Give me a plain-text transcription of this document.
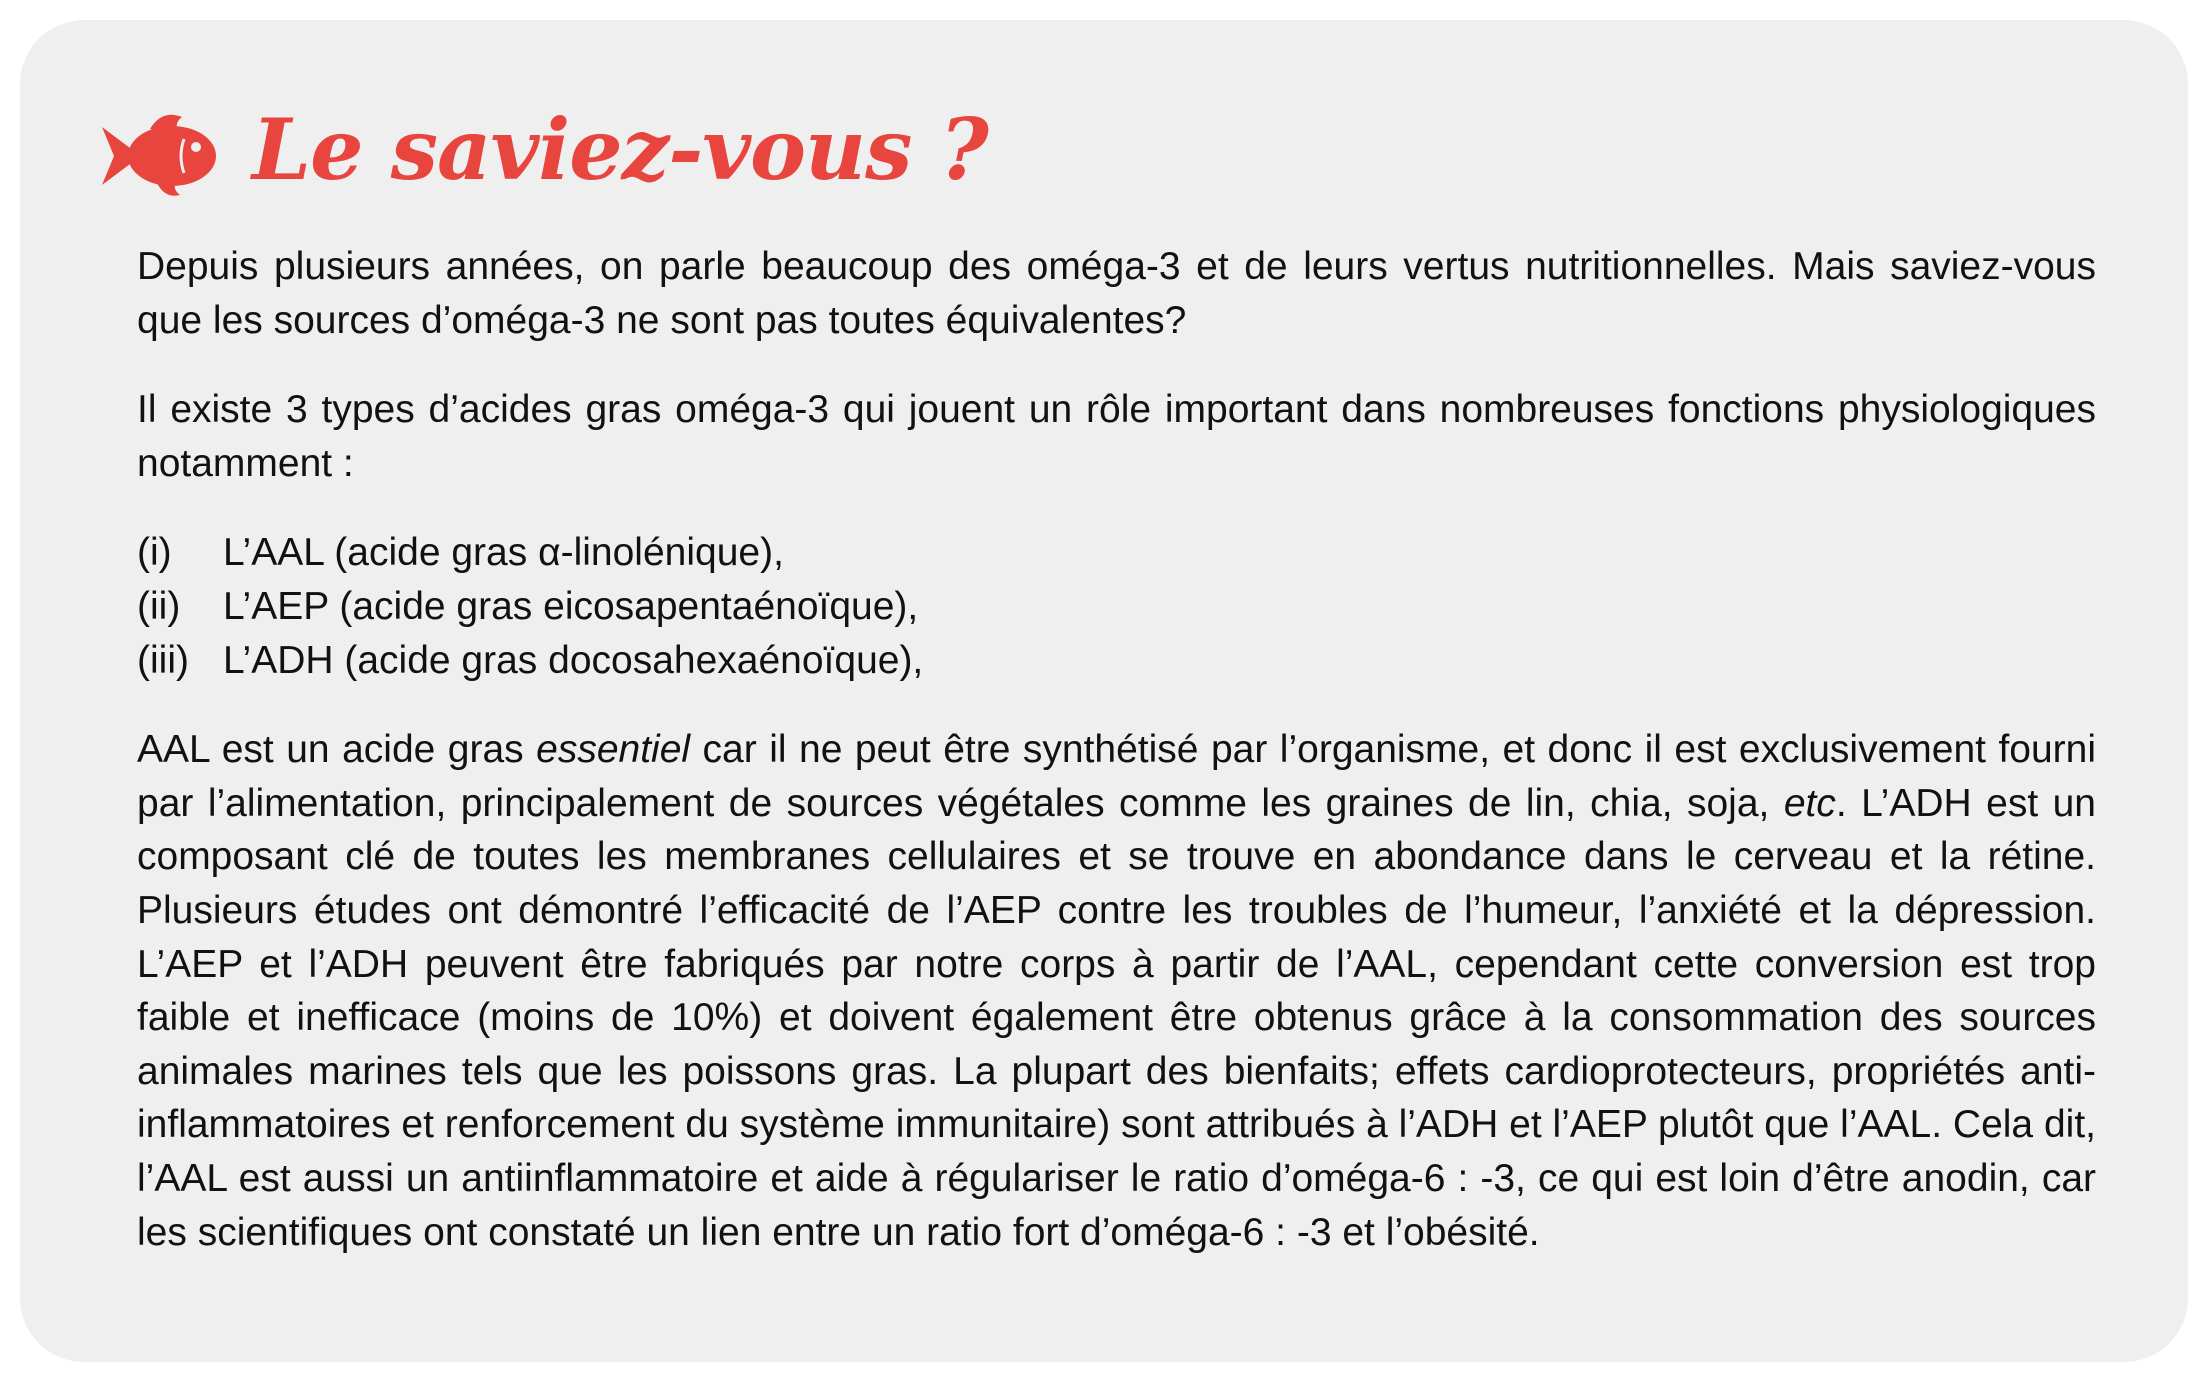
Le saviez-vous ?

Depuis plusieurs années, on parle beaucoup des oméga-3 et de leurs vertus nutritionnelles. Mais saviez-vous que les sources d’oméga-3 ne sont pas toutes équivalentes?

Il existe 3 types d’acides gras oméga-3 qui jouent un rôle important dans nombreuses fonctions physiologiques notamment :

(i)	L’AAL (acide gras α-linolénique),
(ii)	L’AEP (acide gras eicosapentaénoïque),
(iii) L’ADH (acide gras docosahexaénoïque),

AAL est un acide gras essentiel car il ne peut être synthétisé par l’organisme, et donc il est exclusivement fourni par l’alimentation, principalement de sources végétales comme les graines de lin, chia, soja, etc. L’ADH est un composant clé de toutes les membranes cellulaires et se trouve en abondance dans le cerveau et la rétine. Plusieurs études ont démontré l’efficacité de l’AEP contre les troubles de l’humeur, l’anxiété et la dépression. L’AEP et l’ADH peuvent être fabriqués par notre corps à partir de l’AAL, cependant cette conversion est trop faible et inefficace (moins de 10%) et doivent également être obtenus grâce à la consommation des sources animales marines tels que les poissons gras. La plupart des bienfaits; effets cardioprotecteurs, propriétés anti-inflammatoires et renforcement du système immunitaire) sont attribués à l’ADH et l’AEP plutôt que l’AAL. Cela dit, l’AAL est aussi un antiinflammatoire et aide à régulariser le ratio d’oméga-6 : -3, ce qui est loin d’être anodin, car les scientifiques ont constaté un lien entre un ratio fort d’oméga-6 : -3 et l’obésité.
